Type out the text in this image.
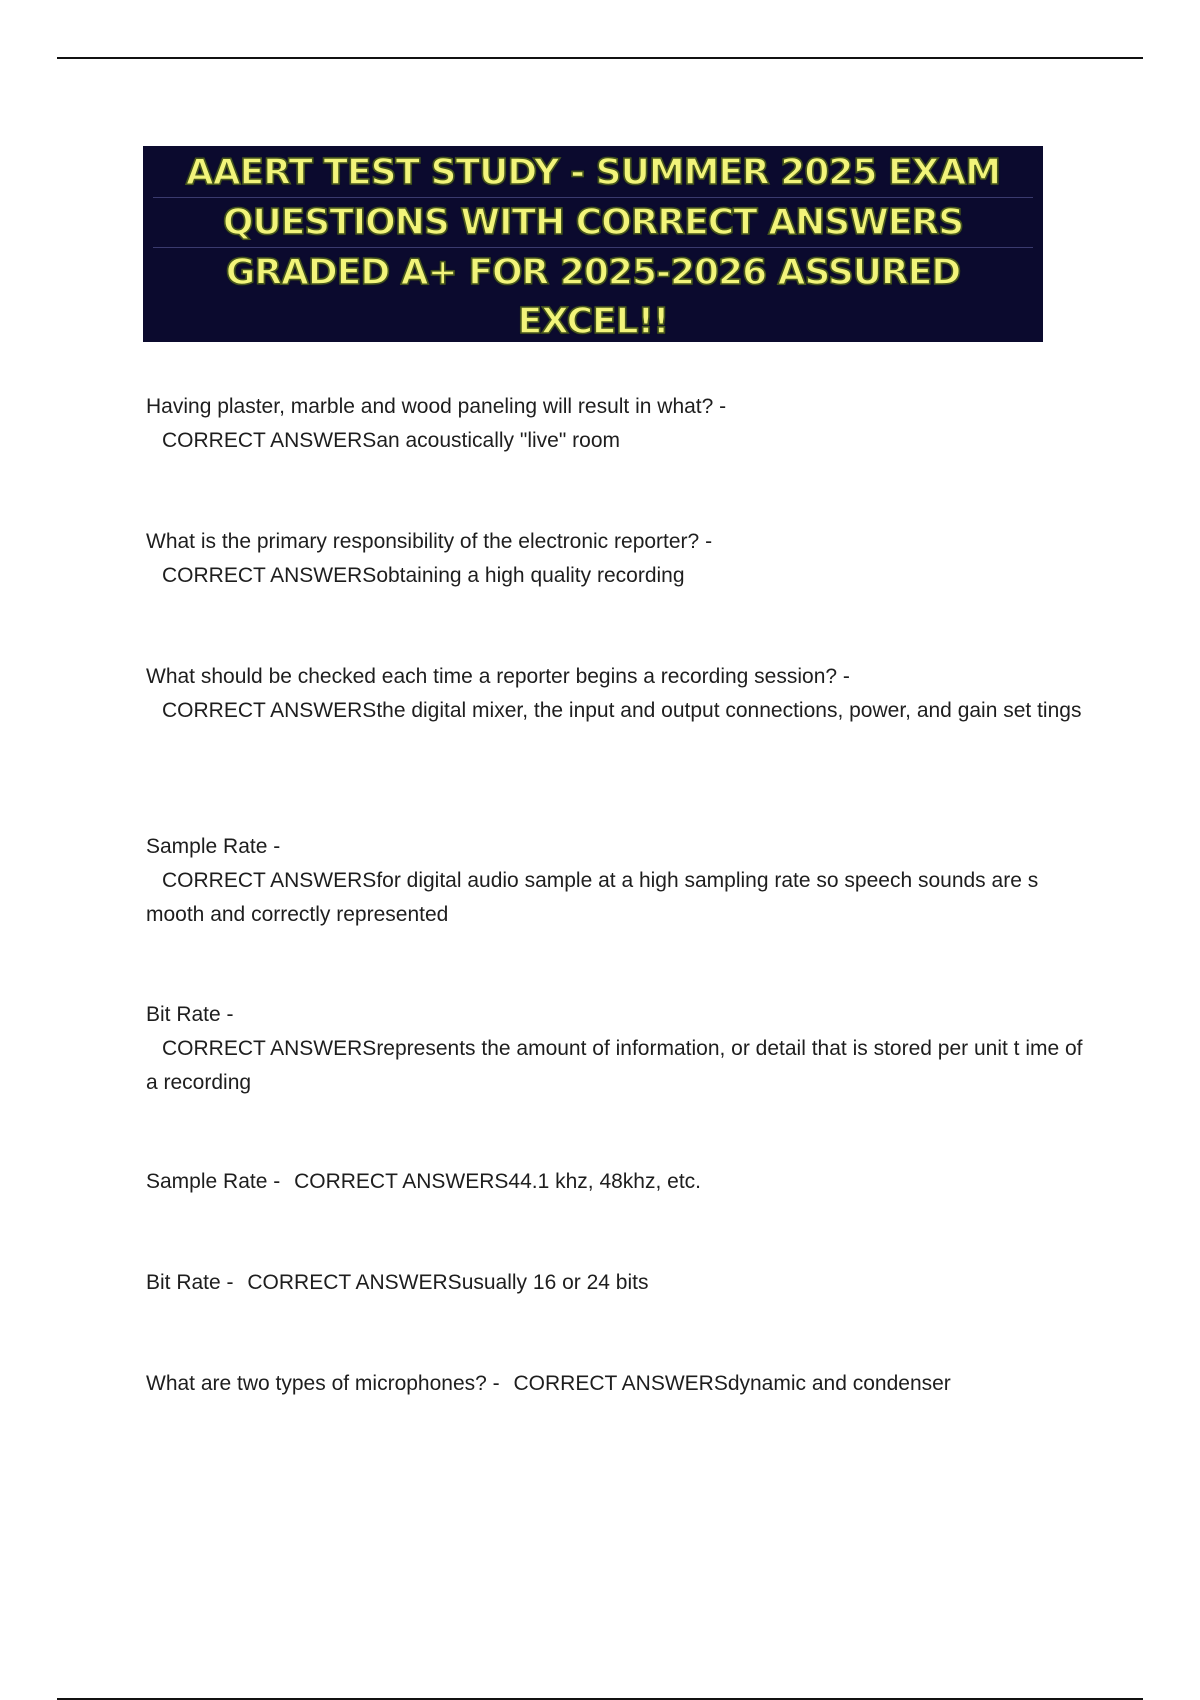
AAERT TEST STUDY - SUMMER 2025 EXAM
QUESTIONS WITH CORRECT ANSWERS
GRADED A+ FOR 2025-2026 ASSURED
EXCEL!!
Having plaster, marble and wood paneling will result in what? -
CORRECT ANSWERSan acoustically "live" room
What is the primary responsibility of the electronic reporter? -
CORRECT ANSWERSobtaining a high quality recording
What should be checked each time a reporter begins a recording session? -
CORRECT ANSWERSthe digital mixer, the input and output connections, power, and gain set tings
Sample Rate -
CORRECT ANSWERSfor digital audio sample at a high sampling rate so speech sounds are s mooth and correctly represented
Bit Rate -
CORRECT ANSWERSrepresents the amount of information, or detail that is stored per unit t ime of a recording
Sample Rate - CORRECT ANSWERS44.1 khz, 48khz, etc.
Bit Rate - CORRECT ANSWERSusually 16 or 24 bits
What are two types of microphones? - CORRECT ANSWERSdynamic and condenser
